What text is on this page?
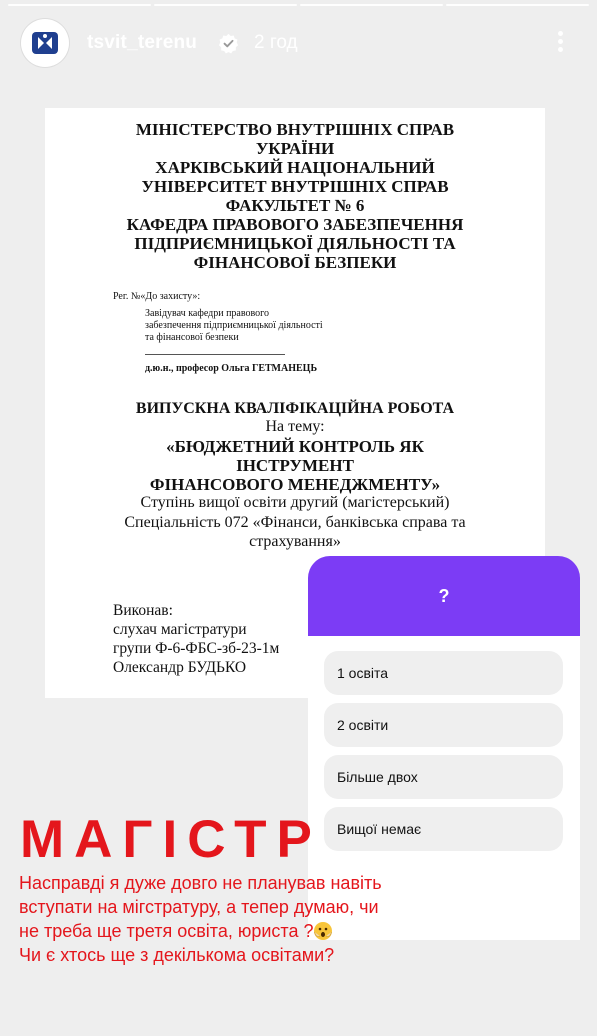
tsvit_terenu	2 год
МІНІСТЕРСТВО ВНУТРІШНІХ СПРАВ
УКРАЇНИ
ХАРКІВСЬКИЙ НАЦІОНАЛЬНИЙ
УНІВЕРСИТЕТ ВНУТРІШНІХ СПРАВ
ФАКУЛЬТЕТ № 6
КАФЕДРА ПРАВОВОГО ЗАБЕЗПЕЧЕННЯ
ПІДПРИЄМНИЦЬКОЇ ДІЯЛЬНОСТІ ТА
ФІНАНСОВОЇ БЕЗПЕКИ
Рег. №«До захисту»:
Завідувач кафедри правового
забезпечення підприємницької діяльності
та фінансової безпеки
д.ю.н., професор Ольга ГЕТМАНЕЦЬ
ВИПУСКНА КВАЛІФІКАЦІЙНА РОБОТА
На тему:
«БЮДЖЕТНИЙ КОНТРОЛЬ ЯК
ІНСТРУМЕНТ
ФІНАНСОВОГО МЕНЕДЖМЕНТУ»
Ступінь вищої освіти другий (магістерський)
Спеціальність 072 «Фінанси, банківська справа та
страхування»
Виконав:
слухач магістратури
групи Ф-6-ФБС-зб-23-1м
Олександр БУДЬКО
?
1 освіта
2 освіти
Більше двох
Вищої немає
МАГІСТР
Насправді я дуже довго не планував навіть
вступати на мігстратуру, а тепер думаю, чи
не треба ще третя освіта, юриста ?
Чи є хтось ще з декількома освітами?
